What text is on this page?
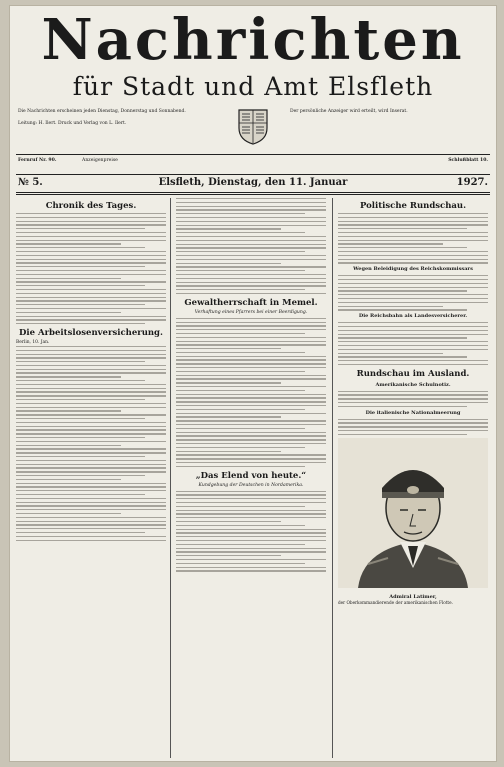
Nachrichten
für Stadt und Amt Elsfleth
Die Nachrichten erscheinen jeden Dienstag, Donnerstag und Sonnabend.
Leitung: H. Ilert. Druck und Verlag von L. Ilert.
Der persönliche Anzeiger wird erteilt, wird Inserat.
Fernruf Nr. 90.	Anzeigenpreise	Schlußblatt 10.
№ 5.	Elsfleth, Dienstag, den 11. Januar	1927.
Chronik des Tages.
Die Arbeitslosenversicherung.
Berlin, 10. Jan.
Gewaltherrschaft in Memel.
Verhaftung eines Pfarrers bei einer Beerdigung.
„Das Elend von heute.“
Kundgebung der Deutschen in Nordamerika.
Politische Rundschau.
Wegen Beleidigung des Reichskommissars
Die Reichsbahn als Landesversicherer.
Rundschau im Ausland.
Amerikanische Schulnotiz.
Die italienische Nationalmeerung
Admiral Latimer,
der Oberkommandierende der amerikanischen Flotte.
